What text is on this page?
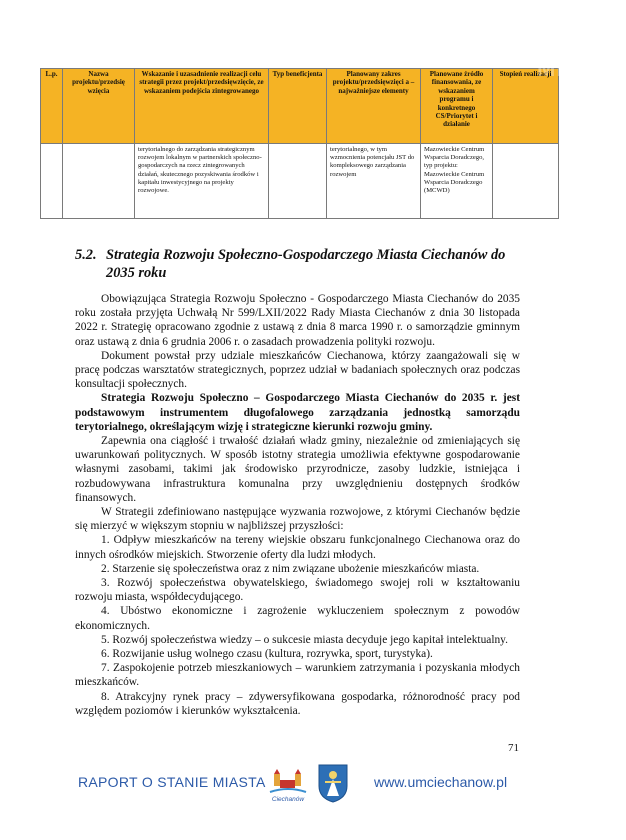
L.p.	Nazwa projektu/przedsię wzięcia	Wskazanie i uzasadnienie realizacji celu strategii przez projekt/przedsięwzięcie, ze wskazaniem podejścia zintegrowanego	Typ beneficjenta	Planowany zakres projektu/przedsięwzięci a – najważniejsze elementy	Planowane źródło finansowania, ze wskazaniem programu i konkretnego CS/Priorytet i działanie	Stopień realizacji
MIASTA

		terytorialnego do zarządzania strategicznym rozwojem lokalnym w partnerskich społeczno-gospodarczych na rzecz zintegrowanych działań, skutecznego pozyskiwania środków i kapitału inwestycyjnego na projekty rozwojowe.		terytorialnego, w tym wzmocnienia potencjału JST do kompleksowego zarządzania rozwojem	Mazowieckie Centrum Wsparcia Doradczego, typ projektu: Mazowieckie Centrum Wsparcia Doradczego (MCWD)	
5.2. Strategia Rozwoju Społeczno-Gospodarczego Miasta Ciechanów do 2035 roku

Obowiązująca Strategia Rozwoju Społeczno - Gospodarczego Miasta Ciechanów do 2035 roku została przyjęta Uchwałą Nr 599/LXII/2022 Rady Miasta Ciechanów z dnia 30 listopada 2022 r. Strategię opracowano zgodnie z ustawą z dnia 8 marca 1990 r. o samorządzie gminnym oraz ustawą z dnia 6 grudnia 2006 r. o zasadach prowadzenia polityki rozwoju.

Dokument powstał przy udziale mieszkańców Ciechanowa, którzy zaangażowali się w pracę podczas warsztatów strategicznych, poprzez udział w badaniach społecznych oraz podczas konsultacji społecznych.

Strategia Rozwoju Społeczno – Gospodarczego Miasta Ciechanów do 2035 r. jest podstawowym instrumentem długofalowego zarządzania jednostką samorządu terytorialnego, określającym wizję i strategiczne kierunki rozwoju gminy.

Zapewnia ona ciągłość i trwałość działań władz gminy, niezależnie od zmieniających się uwarunkowań politycznych. W sposób istotny strategia umożliwia efektywne gospodarowanie własnymi zasobami, takimi jak środowisko przyrodnicze, zasoby ludzkie, istniejąca i rozbudowywana infrastruktura komunalna przy uwzględnieniu dostępnych środków finansowych.

W Strategii zdefiniowano następujące wyzwania rozwojowe, z którymi Ciechanów będzie się mierzyć w większym stopniu w najbliższej przyszłości:

1. Odpływ mieszkańców na tereny wiejskie obszaru funkcjonalnego Ciechanowa oraz do innych ośrodków miejskich. Stworzenie oferty dla ludzi młodych.

2. Starzenie się społeczeństwa oraz z nim związane ubożenie mieszkańców miasta.

3. Rozwój społeczeństwa obywatelskiego, świadomego swojej roli w kształtowaniu rozwoju miasta, współdecydującego.

4. Ubóstwo ekonomiczne i zagrożenie wykluczeniem społecznym z powodów ekonomicznych.

5. Rozwój społeczeństwa wiedzy – o sukcesie miasta decyduje jego kapitał intelektualny.

6. Rozwijanie usług wolnego czasu (kultura, rozrywka, sport, turystyka).

7. Zaspokojenie potrzeb mieszkaniowych – warunkiem zatrzymania i pozyskania młodych mieszkańców.

8. Atrakcyjny rynek pracy – zdywersyfikowana gospodarka, różnorodność pracy pod względem poziomów i kierunków wykształcenia.

71
RAPORT O STANIE MIASTA
Ciechanów
www.umciechanow.pl
